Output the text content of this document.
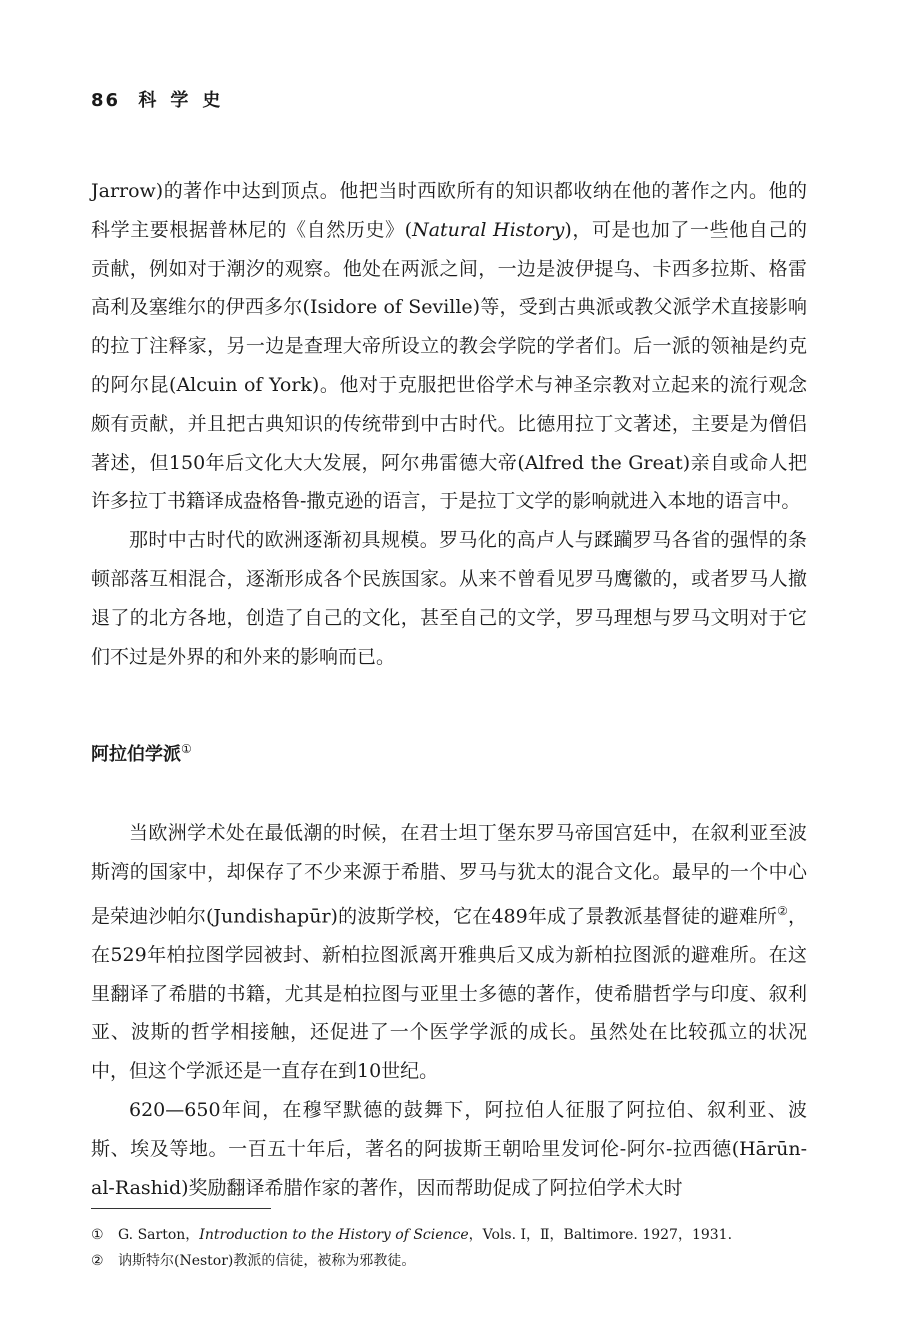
86 科学史

Jarrow)的著作中达到顶点。他把当时西欧所有的知识都收纳在他的著作之内。他的科学主要根据普林尼的《自然历史》(Natural History)，可是也加了一些他自己的贡献，例如对于潮汐的观察。他处在两派之间，一边是波伊提乌、卡西多拉斯、格雷高利及塞维尔的伊西多尔(Isidore of Seville)等，受到古典派或教父派学术直接影响的拉丁注释家，另一边是查理大帝所设立的教会学院的学者们。后一派的领袖是约克的阿尔昆(Alcuin of York)。他对于克服把世俗学术与神圣宗教对立起来的流行观念颇有贡献，并且把古典知识的传统带到中古时代。比德用拉丁文著述，主要是为僧侣著述，但150年后文化大大发展，阿尔弗雷德大帝(Alfred the Great)亲自或命人把许多拉丁书籍译成盎格鲁-撒克逊的语言，于是拉丁文学的影响就进入本地的语言中。

那时中古时代的欧洲逐渐初具规模。罗马化的高卢人与蹂躏罗马各省的强悍的条顿部落互相混合，逐渐形成各个民族国家。从来不曾看见罗马鹰徽的，或者罗马人撤退了的北方各地，创造了自己的文化，甚至自己的文学，罗马理想与罗马文明对于它们不过是外界的和外来的影响而已。

阿拉伯学派①

当欧洲学术处在最低潮的时候，在君士坦丁堡东罗马帝国宫廷中，在叙利亚至波斯湾的国家中，却保存了不少来源于希腊、罗马与犹太的混合文化。最早的一个中心是荣迪沙帕尔(Jundishapūr)的波斯学校，它在489年成了景教派基督徒的避难所②，在529年柏拉图学园被封、新柏拉图派离开雅典后又成为新柏拉图派的避难所。在这里翻译了希腊的书籍，尤其是柏拉图与亚里士多德的著作，使希腊哲学与印度、叙利亚、波斯的哲学相接触，还促进了一个医学学派的成长。虽然处在比较孤立的状况中，但这个学派还是一直存在到10世纪。

620—650年间，在穆罕默德的鼓舞下，阿拉伯人征服了阿拉伯、叙利亚、波斯、埃及等地。一百五十年后，著名的阿拔斯王朝哈里发诃伦-阿尔-拉西德(Hārūn-al-Rashid)奖励翻译希腊作家的著作，因而帮助促成了阿拉伯学术大时

① G. Sarton，Introduction to the History of Science，Vols. Ⅰ，Ⅱ，Baltimore. 1927，1931.
② 讷斯特尔(Nestor)教派的信徒，被称为邪教徒。
